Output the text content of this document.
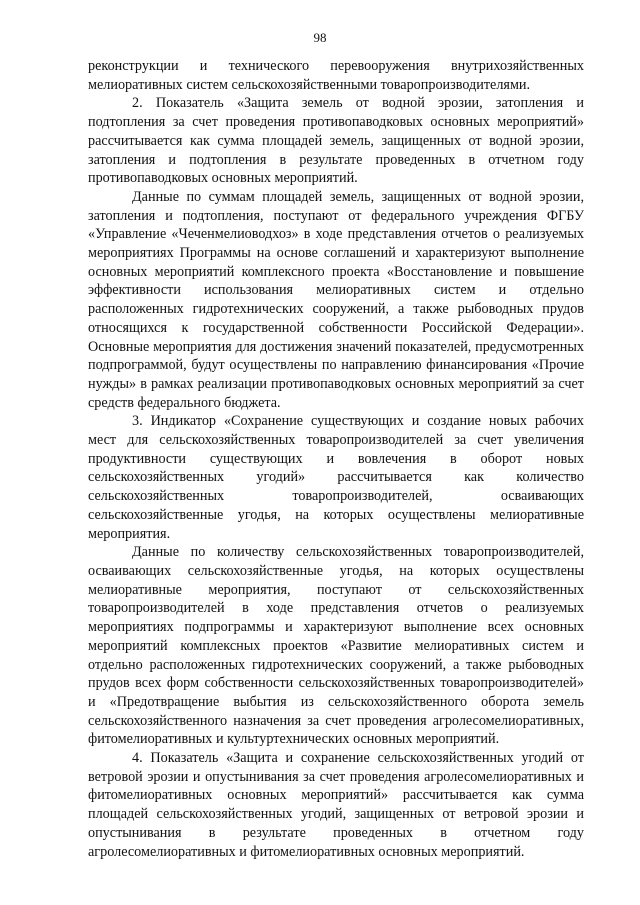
98

реконструкции и технического перевооружения внутрихозяйственных мелиоративных систем сельскохозяйственными товаропроизводителями.

2. Показатель «Защита земель от водной эрозии, затопления и подтопления за счет проведения противопаводковых основных мероприятий» рассчитывается как сумма площадей земель, защищенных от водной эрозии, затопления и подтопления в результате проведенных в отчетном году противопаводковых основных мероприятий.

Данные по суммам площадей земель, защищенных от водной эрозии, затопления и подтопления, поступают от федерального учреждения ФГБУ «Управление «Чеченмелиоводхоз» в ходе представления отчетов о реализуемых мероприятиях Программы на основе соглашений и характеризуют выполнение основных мероприятий комплексного проекта «Восстановление и повышение эффективности использования мелиоративных систем и отдельно расположенных гидротехнических сооружений, а также рыбоводных прудов относящихся к государственной собственности Российской Федерации». Основные мероприятия для достижения значений показателей, предусмотренных подпрограммой, будут осуществлены по направлению финансирования «Прочие нужды» в рамках реализации противопаводковых основных мероприятий за счет средств федерального бюджета.

3. Индикатор «Сохранение существующих и создание новых рабочих мест для сельскохозяйственных товаропроизводителей за счет увеличения продуктивности существующих и вовлечения в оборот новых сельскохозяйственных угодий» рассчитывается как количество сельскохозяйственных товаропроизводителей, осваивающих сельскохозяйственные угодья, на которых осуществлены мелиоративные мероприятия.

Данные по количеству сельскохозяйственных товаропроизводителей, осваивающих сельскохозяйственные угодья, на которых осуществлены мелиоративные мероприятия, поступают от сельскохозяйственных товаропроизводителей в ходе представления отчетов о реализуемых мероприятиях подпрограммы и характеризуют выполнение всех основных мероприятий комплексных проектов «Развитие мелиоративных систем и отдельно расположенных гидротехнических сооружений, а также рыбоводных прудов всех форм собственности сельскохозяйственных товаропроизводителей» и «Предотвращение выбытия из сельскохозяйственного оборота земель сельскохозяйственного назначения за счет проведения агролесомелиоративных, фитомелиоративных и культуртехнических основных мероприятий.

4. Показатель «Защита и сохранение сельскохозяйственных угодий от ветровой эрозии и опустынивания за счет проведения агролесомелиоративных и фитомелиоративных основных мероприятий» рассчитывается как сумма площадей сельскохозяйственных угодий, защищенных от ветровой эрозии и опустынивания в результате проведенных в отчетном году агролесомелиоративных и фитомелиоративных основных мероприятий.
